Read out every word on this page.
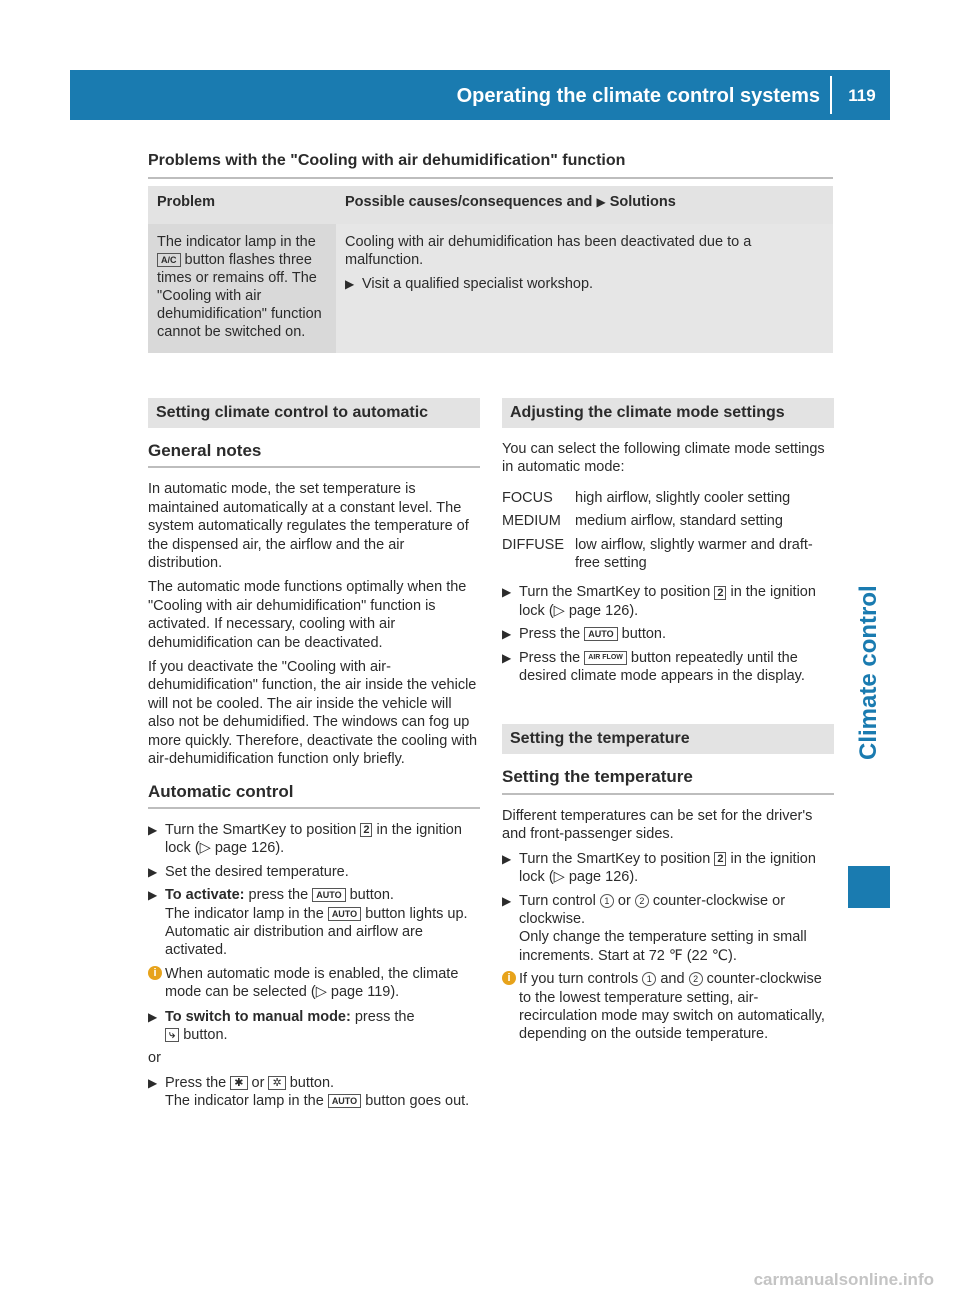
Operating the climate control systems	119
Climate control
Problems with the "Cooling with air dehumidification" function
Problem	Possible causes/consequences and ▶ Solutions
The indicator lamp in the A/C button flashes three times or remains off. The "Cooling with air dehumidification" function cannot be switched on.	Cooling with air dehumidification has been deactivated due to a malfunction.

▶ Visit a qualified specialist workshop.
Setting climate control to automatic
General notes

In automatic mode, the set temperature is maintained automatically at a constant level. The system automatically regulates the temperature of the dispensed air, the airflow and the air distribution.

The automatic mode functions optimally when the "Cooling with air dehumidification" function is activated. If necessary, cooling with air dehumidification can be deactivated.

If you deactivate the "Cooling with air-dehumidification" function, the air inside the vehicle will not be cooled. The air inside the vehicle will also not be dehumidified. The windows can fog up more quickly. Therefore, deactivate the cooling with air-dehumidification function only briefly.

Automatic control
▶ Turn the SmartKey to position 2 in the ignition lock (▷ page 126).
▶ Set the desired temperature.
▶ To activate: press the AUTO button.
The indicator lamp in the AUTO button lights up. Automatic air distribution and airflow are activated.
i When automatic mode is enabled, the climate mode can be selected (▷ page 119).
▶ To switch to manual mode: press the
⤷ button.

or

▶ Press the ✱ or ✲ button.
The indicator lamp in the AUTO button goes out.
Adjusting the climate mode settings

You can select the following climate mode settings in automatic mode:

FOCUS	high airflow, slightly cooler setting
MEDIUM medium airflow, standard setting
DIFFUSE low airflow, slightly warmer and draft-free setting
▶ Turn the SmartKey to position 2 in the ignition lock (▷ page 126).
▶ Press the AUTO button.
▶ Press the AIR FLOW button repeatedly until the desired climate mode appears in the display.
Setting the temperature
Setting the temperature

Different temperatures can be set for the driver's and front-passenger sides.

▶ Turn the SmartKey to position 2 in the ignition lock (▷ page 126).
▶ Turn control 1 or 2 counter-clockwise or clockwise.
Only change the temperature setting in small increments. Start at 72 ℉ (22 ℃).
i If you turn controls 1 and 2 counter-clockwise to the lowest temperature setting, air-recirculation mode may switch on automatically, depending on the outside temperature.
carmanualsonline.info
